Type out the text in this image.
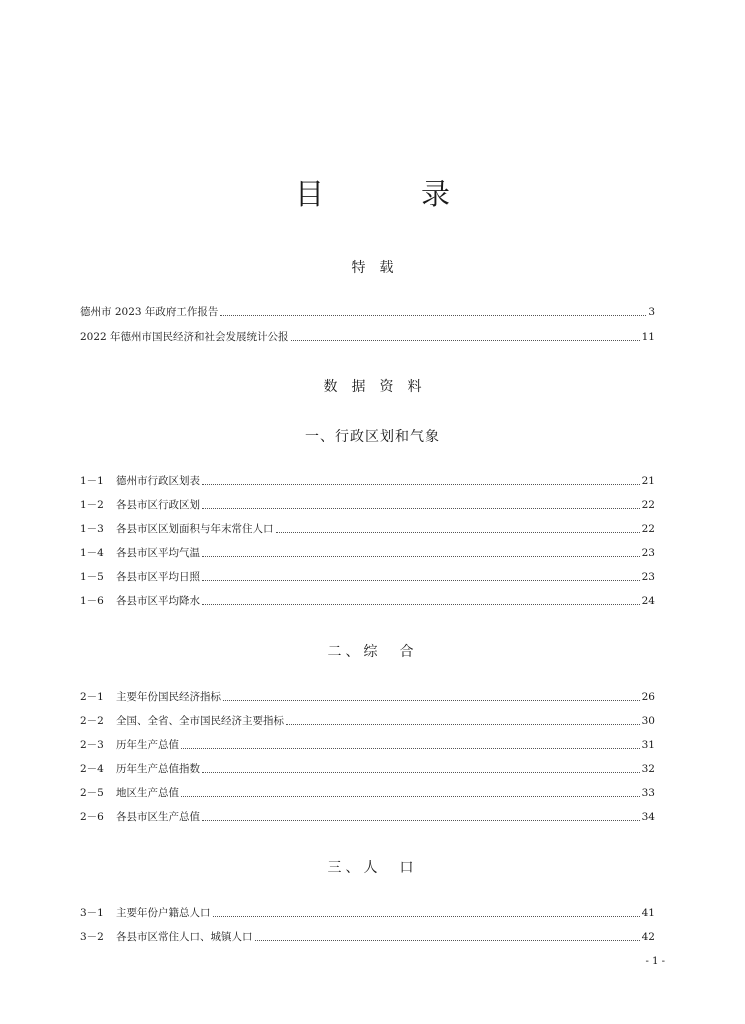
目　录
特载
德州市 2023 年政府工作报告	3
2022 年德州市国民经济和社会发展统计公报	11
数据资料
一、行政区划和气象
1－1	德州市行政区划表	21
1－2	各县市区行政区划	22
1－3	各县市区区划面积与年末常住人口	22
1－4	各县市区平均气温	23
1－5	各县市区平均日照	23
1－6	各县市区平均降水	24
二、综　合
2－1	主要年份国民经济指标	26
2－2	全国、全省、全市国民经济主要指标	30
2－3	历年生产总值	31
2－4	历年生产总值指数	32
2－5	地区生产总值	33
2－6	各县市区生产总值	34
三、人　口
3－1	主要年份户籍总人口	41
3－2	各县市区常住人口、城镇人口	42
- 1 -
